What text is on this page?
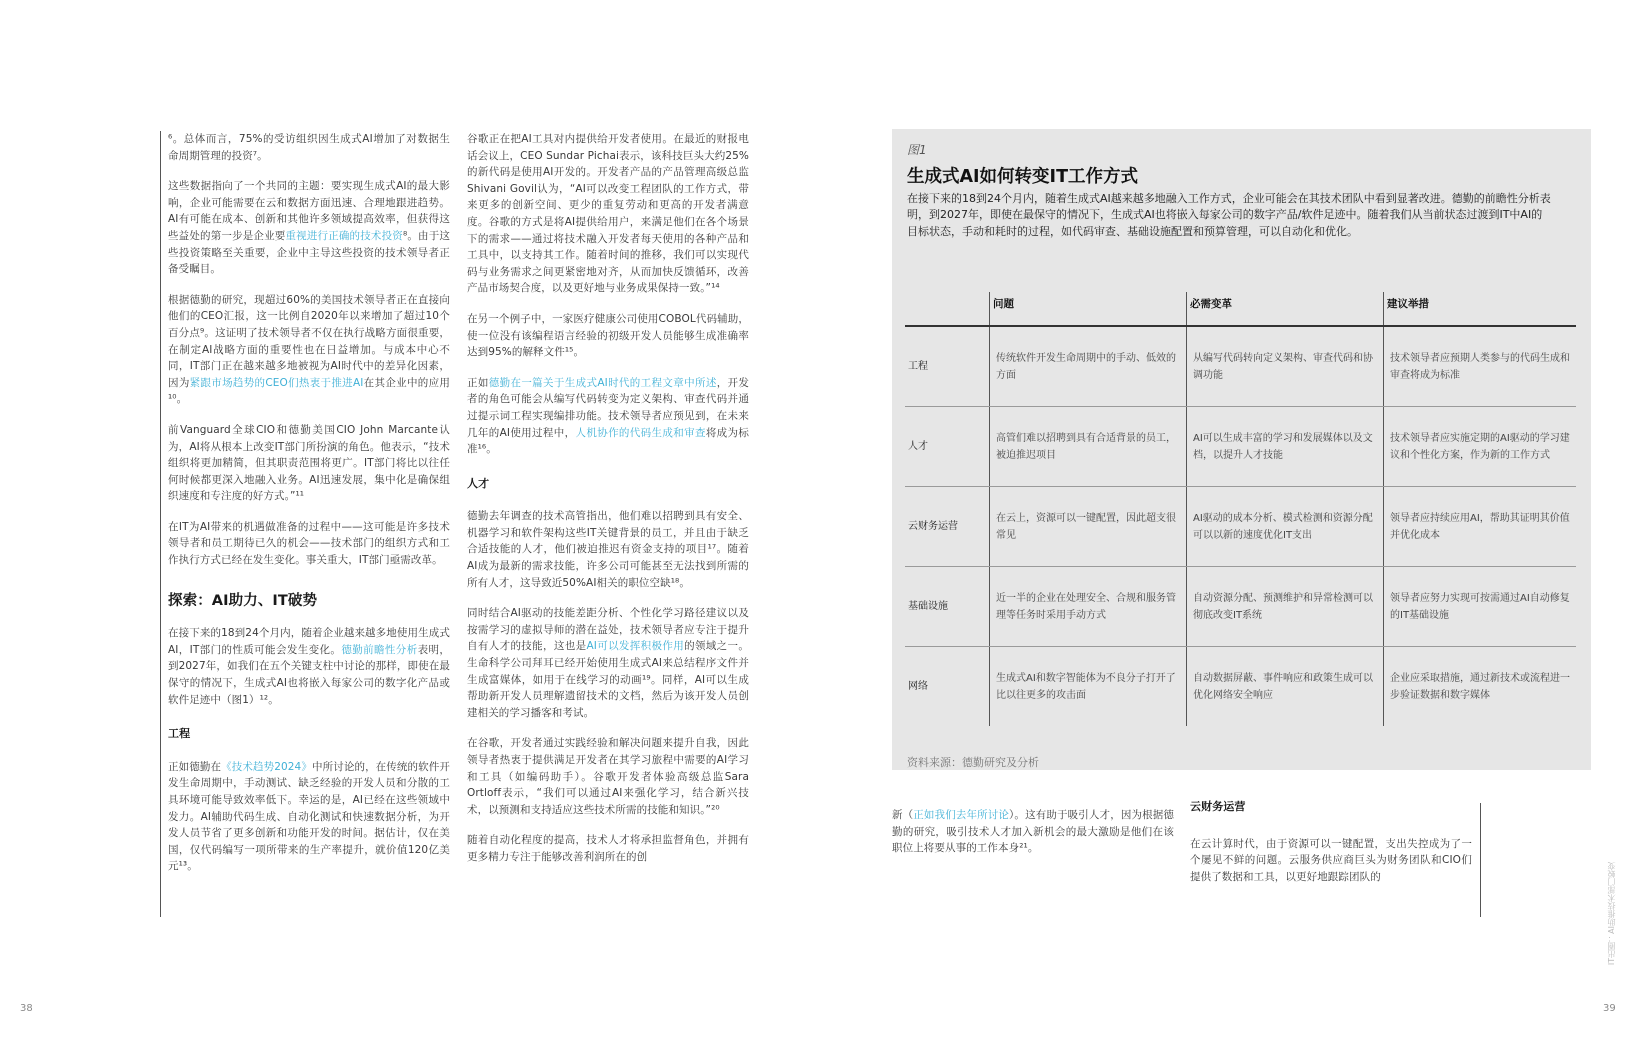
⁶。总体而言，75%的受访组织因生成式AI增加了对数据生命周期管理的投资⁷。

这些数据指向了一个共同的主题：要实现生成式AI的最大影响，企业可能需要在云和数据方面迅速、合理地跟进趋势。AI有可能在成本、创新和其他许多领域提高效率，但获得这些益处的第一步是企业要重视进行正确的技术投资⁸。由于这些投资策略至关重要，企业中主导这些投资的技术领导者正备受瞩目。

根据德勤的研究，现超过60%的美国技术领导者正在直接向他们的CEO汇报，这一比例自2020年以来增加了超过10个百分点⁹。这证明了技术领导者不仅在执行战略方面很重要，在制定AI战略方面的重要性也在日益增加。与成本中心不同，IT部门正在越来越多地被视为AI时代中的差异化因素，因为紧跟市场趋势的CEO们热衷于推进AI在其企业中的应用¹⁰。

前Vanguard全球CIO和德勤美国CIO John Marcante认为，AI将从根本上改变IT部门所扮演的角色。他表示，“技术组织将更加精简，但其职责范围将更广。IT部门将比以往任何时候都更深入地融入业务。AI迅速发展，集中化是确保组织速度和专注度的好方式。”¹¹

在IT为AI带来的机遇做准备的过程中——这可能是许多技术领导者和员工期待已久的机会——技术部门的组织方式和工作执行方式已经在发生变化。事关重大，IT部门亟需改革。

探索：AI助力、IT破势

在接下来的18到24个月内，随着企业越来越多地使用生成式AI，IT部门的性质可能会发生变化。德勤前瞻性分析表明，到2027年，如我们在五个关键支柱中讨论的那样，即使在最保守的情况下，生成式AI也将嵌入每家公司的数字化产品或软件足迹中（图1）¹²。

工程

正如德勤在《技术趋势2024》中所讨论的，在传统的软件开发生命周期中，手动测试、缺乏经验的开发人员和分散的工具环境可能导致效率低下。幸运的是，AI已经在这些领域中发力。AI辅助代码生成、自动化测试和快速数据分析，为开发人员节省了更多创新和功能开发的时间。据估计，仅在美国，仅代码编写一项所带来的生产率提升，就价值120亿美元¹³。

谷歌正在把AI工具对内提供给开发者使用。在最近的财报电话会议上，CEO Sundar Pichai表示，该科技巨头大约25% 的新代码是使用AI开发的。开发者产品的产品管理高级总监Shivani Govil认为，“AI可以改变工程团队的工作方式，带来更多的创新空间、更少的重复劳动和更高的开发者满意度。谷歌的方式是将AI提供给用户，来满足他们在各个场景下的需求——通过将技术融入开发者每天使用的各种产品和工具中，以支持其工作。随着时间的推移，我们可以实现代码与业务需求之间更紧密地对齐，从而加快反馈循环，改善产品市场契合度，以及更好地与业务成果保持一致。”¹⁴

在另一个例子中，一家医疗健康公司使用COBOL代码辅助，使一位没有该编程语言经验的初级开发人员能够生成准确率达到95%的解释文件¹⁵。

正如德勤在一篇关于生成式AI时代的工程文章中所述，开发者的角色可能会从编写代码转变为定义架构、审查代码并通过提示词工程实现编排功能。技术领导者应预见到，在未来几年的AI使用过程中，人机协作的代码生成和审查将成为标准¹⁶。

人才

德勤去年调查的技术高管指出，他们难以招聘到具有安全、机器学习和软件架构这些IT关键背景的员工，并且由于缺乏合适技能的人才，他们被迫推迟有资金支持的项目¹⁷。随着AI成为最新的需求技能，许多公司可能甚至无法找到所需的所有人才，这导致近50%AI相关的职位空缺¹⁸。

同时结合AI驱动的技能差距分析、个性化学习路径建议以及按需学习的虚拟导师的潜在益处，技术领导者应专注于提升自有人才的技能，这也是AI可以发挥积极作用的领域之一。生命科学公司拜耳已经开始使用生成式AI来总结程序文件并生成富媒体，如用于在线学习的动画¹⁹。同样，AI可以生成帮助新开发人员理解遗留技术的文档，然后为该开发人员创建相关的学习播客和考试。

在谷歌，开发者通过实践经验和解决问题来提升自我，因此领导者热衷于提供满足开发者在其学习旅程中需要的AI学习和工具（如编码助手）。谷歌开发者体验高级总监Sara Ortloff表示，“我们可以通过AI来强化学习，结合新兴技术，以预测和支持适应这些技术所需的技能和知识。”²⁰

随着自动化程度的提高，技术人才将承担监督角色，并拥有更多精力专注于能够改善利润所在的创

图1
生成式AI如何转变IT工作方式
在接下来的18到24个月内，随着生成式AI越来越多地融入工作方式，企业可能会在其技术团队中看到显著改进。德勤的前瞻性分析表明，到2027年，即使在最保守的情况下，生成式AI也将嵌入每家公司的数字产品/软件足迹中。随着我们从当前状态过渡到IT中AI的目标状态，手动和耗时的过程，如代码审查、基础设施配置和预算管理，可以自动化和优化。
	问题	必需变革	建议举措
工程	传统软件开发生命周期中的手动、低效的方面	从编写代码转向定义架构、审查代码和协调功能	技术领导者应预期人类参与的代码生成和审查将成为标准
人才	高管们难以招聘到具有合适背景的员工，被迫推迟项目	AI可以生成丰富的学习和发展媒体以及文档，以提升人才技能	技术领导者应实施定期的AI驱动的学习建议和个性化方案，作为新的工作方式
云财务运营	在云上，资源可以一键配置，因此超支很常见	AI驱动的成本分析、模式检测和资源分配可以以新的速度优化IT支出	领导者应持续应用AI，帮助其证明其价值并优化成本
基础设施	近一半的企业在处理安全、合规和服务管理等任务时采用手动方式	自动资源分配、预测维护和异常检测可以彻底改变IT系统	领导者应努力实现可按需通过AI自动修复的IT基础设施
网络	生成式AI和数字智能体为不良分子打开了比以往更多的攻击面	自动数据屏蔽、事件响应和政策生成可以优化网络安全响应	企业应采取措施，通过新技术或流程进一步验证数据和数字媒体
资料来源：德勤研究及分析

新（正如我们去年所讨论）。这有助于吸引人才，因为根据德勤的研究，吸引技术人才加入新机会的最大激励是他们在该职位上将要从事的工作本身²¹。

云财务运营

在云计算时代，由于资源可以一键配置，支出失控成为了一个屡见不鲜的问题。云服务供应商巨头为财务团队和CIO们提供了数据和工具，以更好地跟踪团队的

38	39
IT出圈：AI助推技术部门蜕变
